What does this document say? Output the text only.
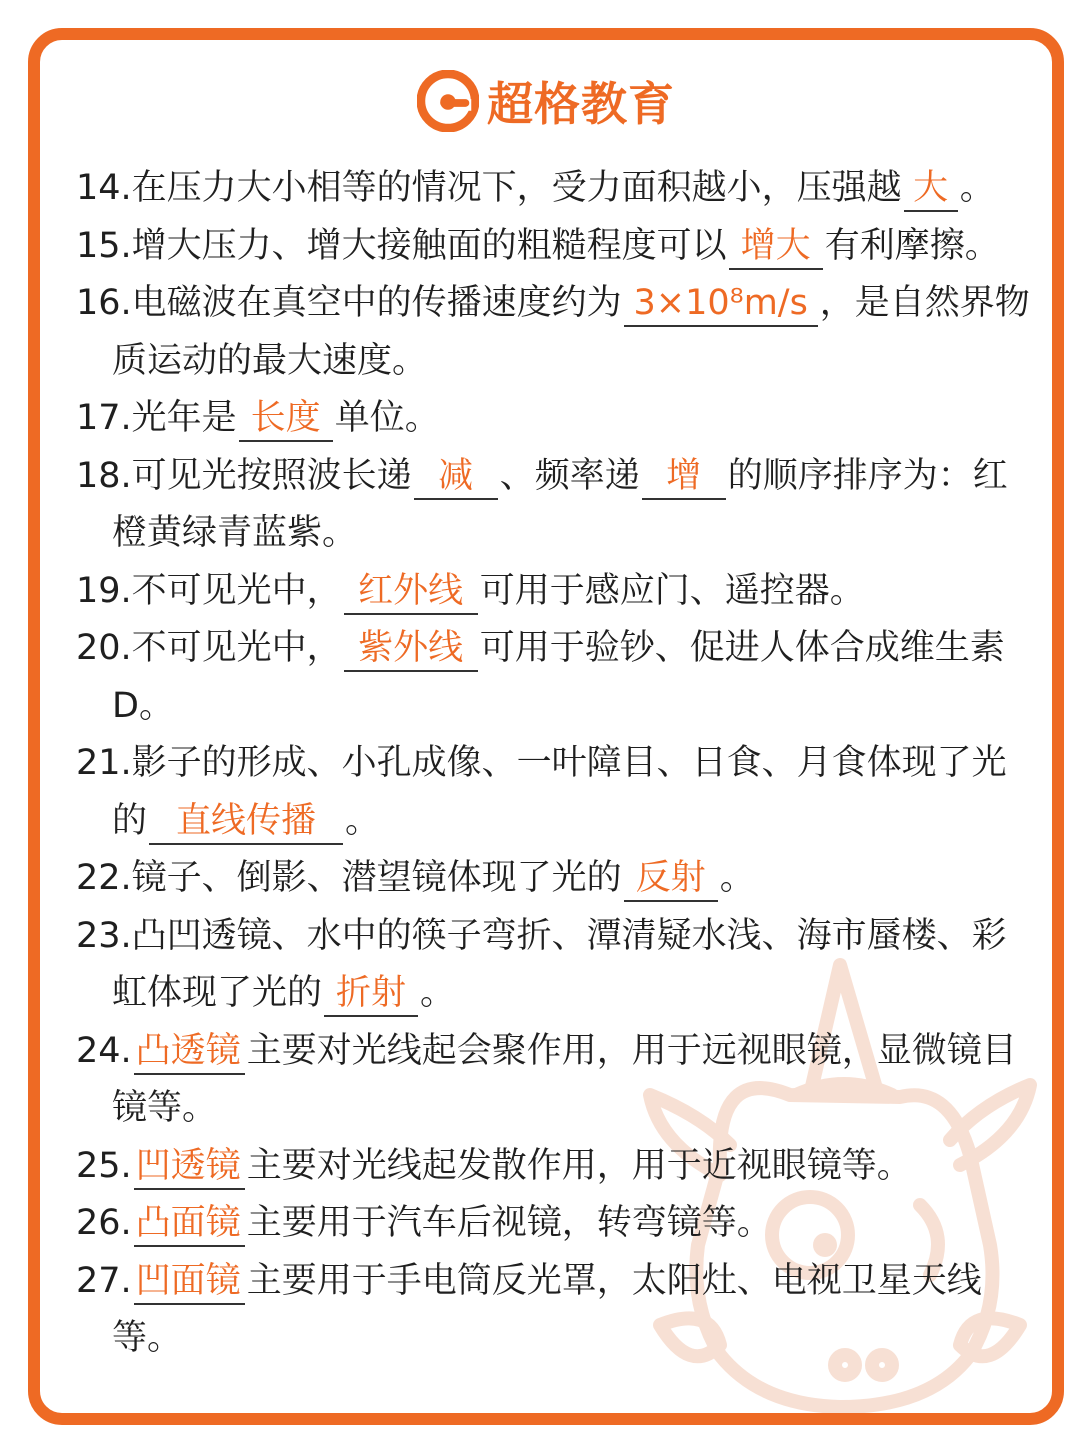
超格教育
14.在压力大小相等的情况下，受力面积越小，压强越 大 。
15.增大压力、增大接触面的粗糙程度可以 增大 有利摩擦。
16.电磁波在真空中的传播速度约为 3×10⁸m/s ，是自然界物质运动的最大速度。
17.光年是 长度 单位。
18.可见光按照波长递 减 、频率递 增 的顺序排序为：红橙黄绿青蓝紫。
19.不可见光中， 红外线 可用于感应门、遥控器。
20.不可见光中， 紫外线 可用于验钞、促进人体合成维生素D。
21.影子的形成、小孔成像、一叶障目、日食、月食体现了光的 直线传播 。
22.镜子、倒影、潜望镜体现了光的 反射 。
23.凸凹透镜、水中的筷子弯折、潭清疑水浅、海市蜃楼、彩虹体现了光的 折射 。
24. 凸透镜 主要对光线起会聚作用，用于远视眼镜，显微镜目镜等。
25. 凹透镜 主要对光线起发散作用，用于近视眼镜等。
26. 凸面镜 主要用于汽车后视镜，转弯镜等。
27. 凹面镜 主要用于手电筒反光罩，太阳灶、电视卫星天线等。
